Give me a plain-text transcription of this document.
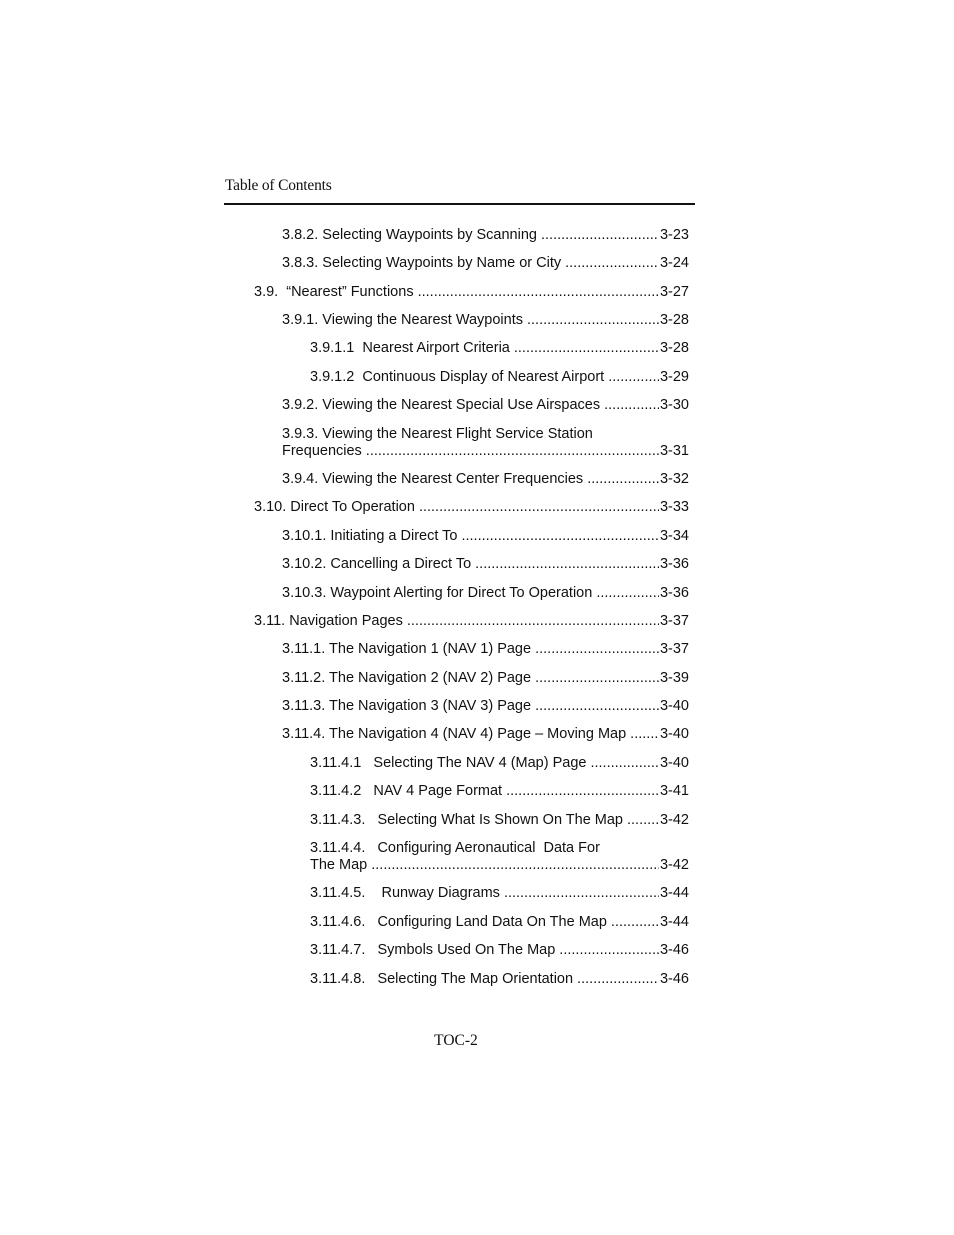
Table of Contents
3.8.2. Selecting Waypoints by Scanning .....	3-23
3.8.3. Selecting Waypoints by Name or City .....	3-24
3.9.  “Nearest” Functions .....	3-27
3.9.1. Viewing the Nearest Waypoints .....	3-28
3.9.1.1  Nearest Airport Criteria .....	3-28
3.9.1.2  Continuous Display of Nearest Airport .....	3-29
3.9.2. Viewing the Nearest Special Use Airspaces .....	3-30
3.9.3. Viewing the Nearest Flight Service Station
Frequencies .....	3-31
3.9.4. Viewing the Nearest Center Frequencies .....	3-32
3.10. Direct To Operation .....	3-33
3.10.1. Initiating a Direct To .....	3-34
3.10.2. Cancelling a Direct To .....	3-36
3.10.3. Waypoint Alerting for Direct To Operation .....	3-36
3.11. Navigation Pages .....	3-37
3.11.1. The Navigation 1 (NAV 1) Page .....	3-37
3.11.2. The Navigation 2 (NAV 2) Page .....	3-39
3.11.3. The Navigation 3 (NAV 3) Page .....	3-40
3.11.4. The Navigation 4 (NAV 4) Page – Moving Map ..... 3-40
3.11.4.1   Selecting The NAV 4 (Map) Page .....	3-40
3.11.4.2   NAV 4 Page Format .....	3-41
3.11.4.3.   Selecting What Is Shown On The Map .....	3-42
3.11.4.4.   Configuring Aeronautical  Data For
The Map .....	3-42
3.11.4.5.    Runway Diagrams .....	3-44
3.11.4.6.   Configuring Land Data On The Map .....	3-44
3.11.4.7.   Symbols Used On The Map .....	3-46
3.11.4.8.   Selecting The Map Orientation .....	3-46
TOC-2
